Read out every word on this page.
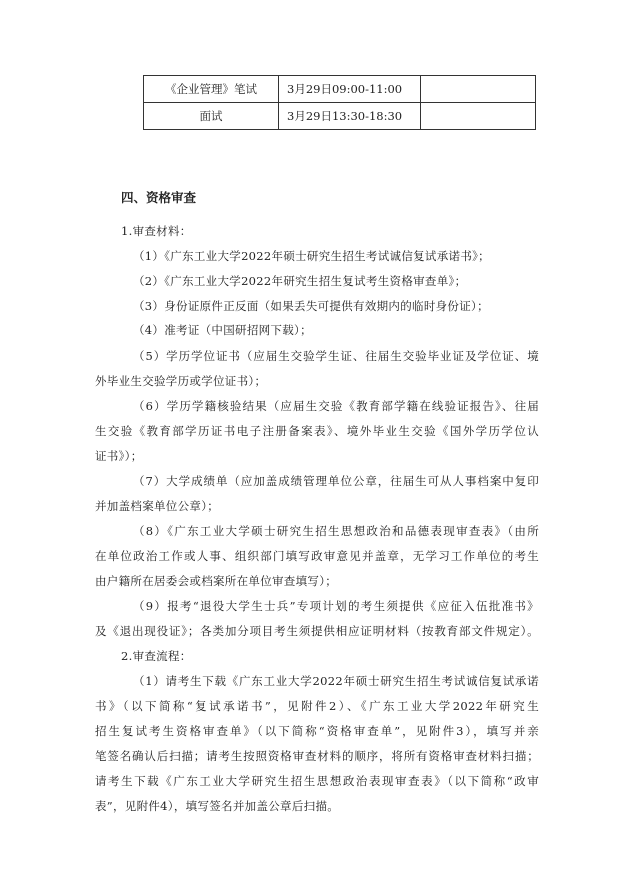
《企业管理》笔试	3月29日09:00-11:00	
面试	3月29日13:30-18:30	
四、资格审查
1.审查材料：
（1）《广东工业大学2022年硕士研究生招生考试诚信复试承诺书》；
（2）《广东工业大学2022年研究生招生复试考生资格审查单》；
（3）身份证原件正反面（如果丢失可提供有效期内的临时身份证）；
（4）准考证（中国研招网下载）；
（5）学历学位证书（应届生交验学生证、往届生交验毕业证及学位证、境
外毕业生交验学历或学位证书）；
（6）学历学籍核验结果（应届生交验《教育部学籍在线验证报告》、往届
生交验《教育部学历证书电子注册备案表》、境外毕业生交验《国外学历学位认
证书》）；
（7）大学成绩单（应加盖成绩管理单位公章，往届生可从人事档案中复印
并加盖档案单位公章）；
（8）《广东工业大学硕士研究生招生思想政治和品德表现审查表》（由所
在单位政治工作或人事、组织部门填写政审意见并盖章，无学习工作单位的考生
由户籍所在居委会或档案所在单位审查填写）；
（9）报考“退役大学生士兵”专项计划的考生须提供《应征入伍批准书》
及《退出现役证》；各类加分项目考生须提供相应证明材料（按教育部文件规定）。
2.审查流程：
（1）请考生下载《广东工业大学2022年硕士研究生招生考试诚信复试承诺
书》（以下简称“复试承诺书”，见附件2）、《广东工业大学2022年研究生
招生复试考生资格审查单》（以下简称“资格审查单”，见附件3），填写并亲
笔签名确认后扫描；请考生按照资格审查材料的顺序，将所有资格审查材料扫描；
请考生下载《广东工业大学研究生招生思想政治表现审查表》（以下简称“政审
表”，见附件4），填写签名并加盖公章后扫描。
